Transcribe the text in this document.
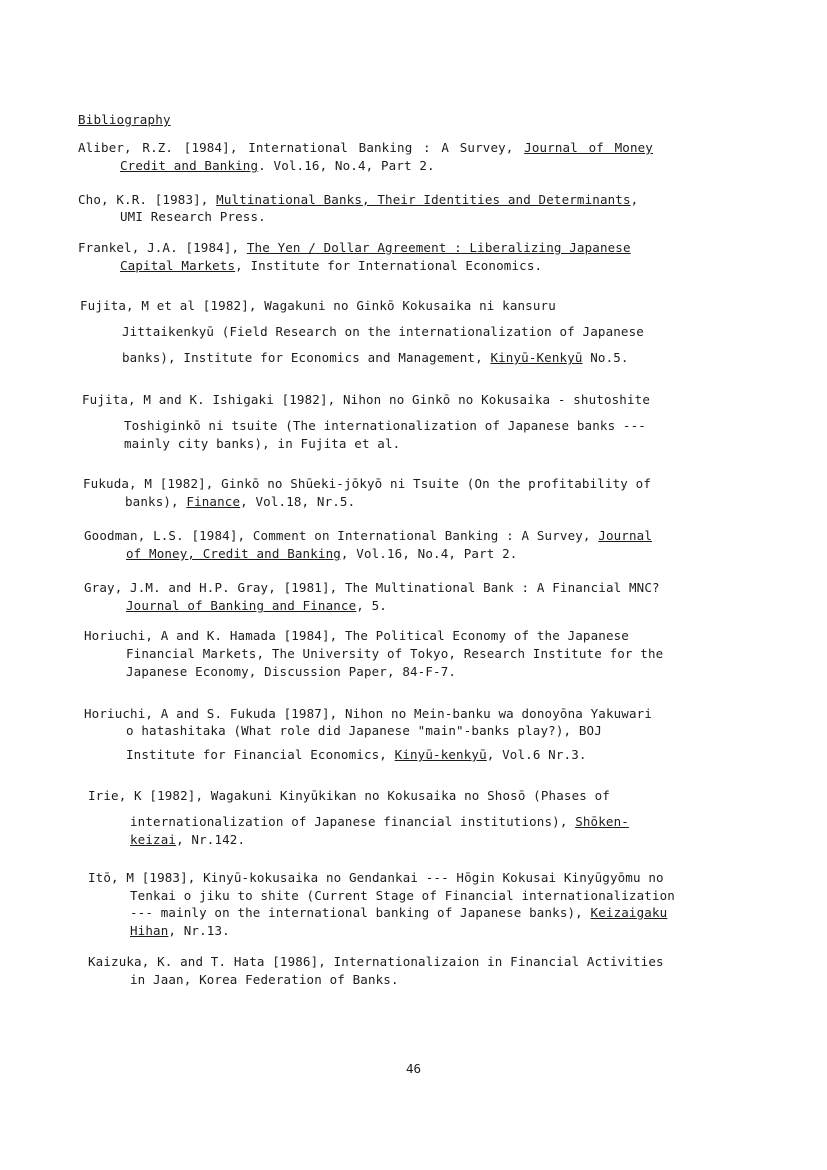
Bibliography

Aliber, R.Z. [1984], International Banking : A Survey, Journal of Money

Credit and Banking. Vol.16, No.4, Part 2.

Cho, K.R. [1983], Multinational Banks, Their Identities and Determinants,

UMI Research Press.

Frankel, J.A. [1984], The Yen / Dollar Agreement : Liberalizing Japanese

Capital Markets, Institute for International Economics.

Fujita, M et al [1982], Wagakuni no Ginkō Kokusaika ni kansuru

Jittaikenkyū (Field Research on the internationalization of Japanese

banks), Institute for Economics and Management, Kinyū-Kenkyū No.5.

Fujita, M and K. Ishigaki [1982], Nihon no Ginkō no Kokusaika - shutoshite

Toshiginkō ni tsuite (The internationalization of Japanese banks ---

mainly city banks), in Fujita et al.

Fukuda, M [1982], Ginkō no Shūeki-jōkyō ni Tsuite (On the profitability of

banks), Finance, Vol.18, Nr.5.

Goodman, L.S. [1984], Comment on International Banking : A Survey, Journal

of Money, Credit and Banking, Vol.16, No.4, Part 2.

Gray, J.M. and H.P. Gray, [1981], The Multinational Bank : A Financial MNC?

Journal of Banking and Finance, 5.

Horiuchi, A and K. Hamada [1984], The Political Economy of the Japanese

Financial Markets, The University of Tokyo, Research Institute for the

Japanese Economy, Discussion Paper, 84-F-7.

Horiuchi, A and S. Fukuda [1987], Nihon no Mein-banku wa donoyōna Yakuwari

o hatashitaka (What role did Japanese "main"-banks play?), BOJ

Institute for Financial Economics, Kinyū-kenkyū, Vol.6 Nr.3.

Irie, K [1982], Wagakuni Kinyūkikan no Kokusaika no Shosō (Phases of

internationalization of Japanese financial institutions), Shōken-

keizai, Nr.142.

Itō, M [1983], Kinyū-kokusaika no Gendankai --- Hōgin Kokusai Kinyūgyōmu no

Tenkai o jiku to shite (Current Stage of Financial internationalization

--- mainly on the international banking of Japanese banks), Keizaigaku

Hihan, Nr.13.

Kaizuka, K. and T. Hata [1986], Internationalizaion in Financial Activities

in Jaan, Korea Federation of Banks.

46
